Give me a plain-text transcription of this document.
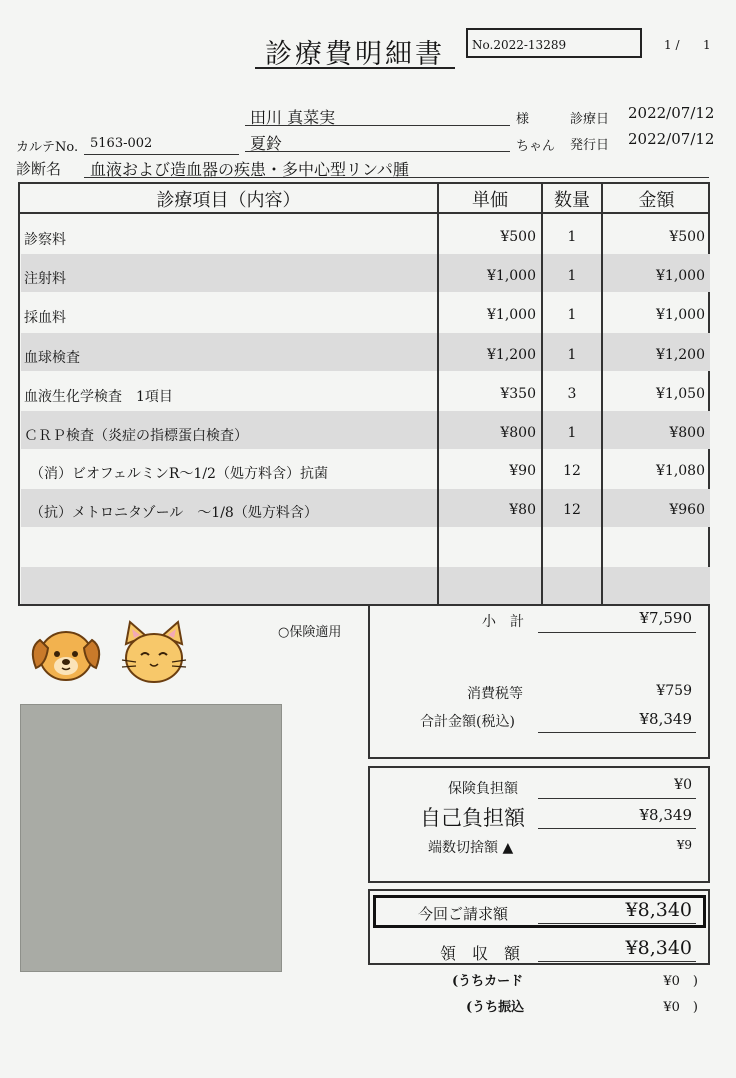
診療費明細書	No.2022-13289	1 / 1
田川 真菜実	様	診療日 2022/07/12
カルテNo. 5163-002	夏鈴	ちゃん 発行日 2022/07/12
診断名 血液および造血器の疾患・多中心型リンパ腫
診療項目（内容）	単価	数量	金額
診察料	¥500	1	¥500
注射料	¥1,000	1	¥1,000
採血料	¥1,000	1	¥1,000
血球検査	¥1,200	1	¥1,200
血液生化学検査　1項目	¥350	3	¥1,050
ＣＲＰ検査（炎症の指標蛋白検査）	¥800	1	¥800
（消）ビオフェルミンR〜1/2（処方料含）抗菌	¥90	12	¥1,080
（抗）メトロニタゾール　〜1/8（処方料含）	¥80	12	¥960
○保険適用
小　計	¥7,590
消費税等	¥759
合計金額(税込)	¥8,349
保険負担額	¥0
自己負担額	¥8,349
端数切捨額 ▲	¥9
今回ご請求額	¥8,340
領　収　額	¥8,340
(うちカード	¥0　)
(うち振込	¥0　)
